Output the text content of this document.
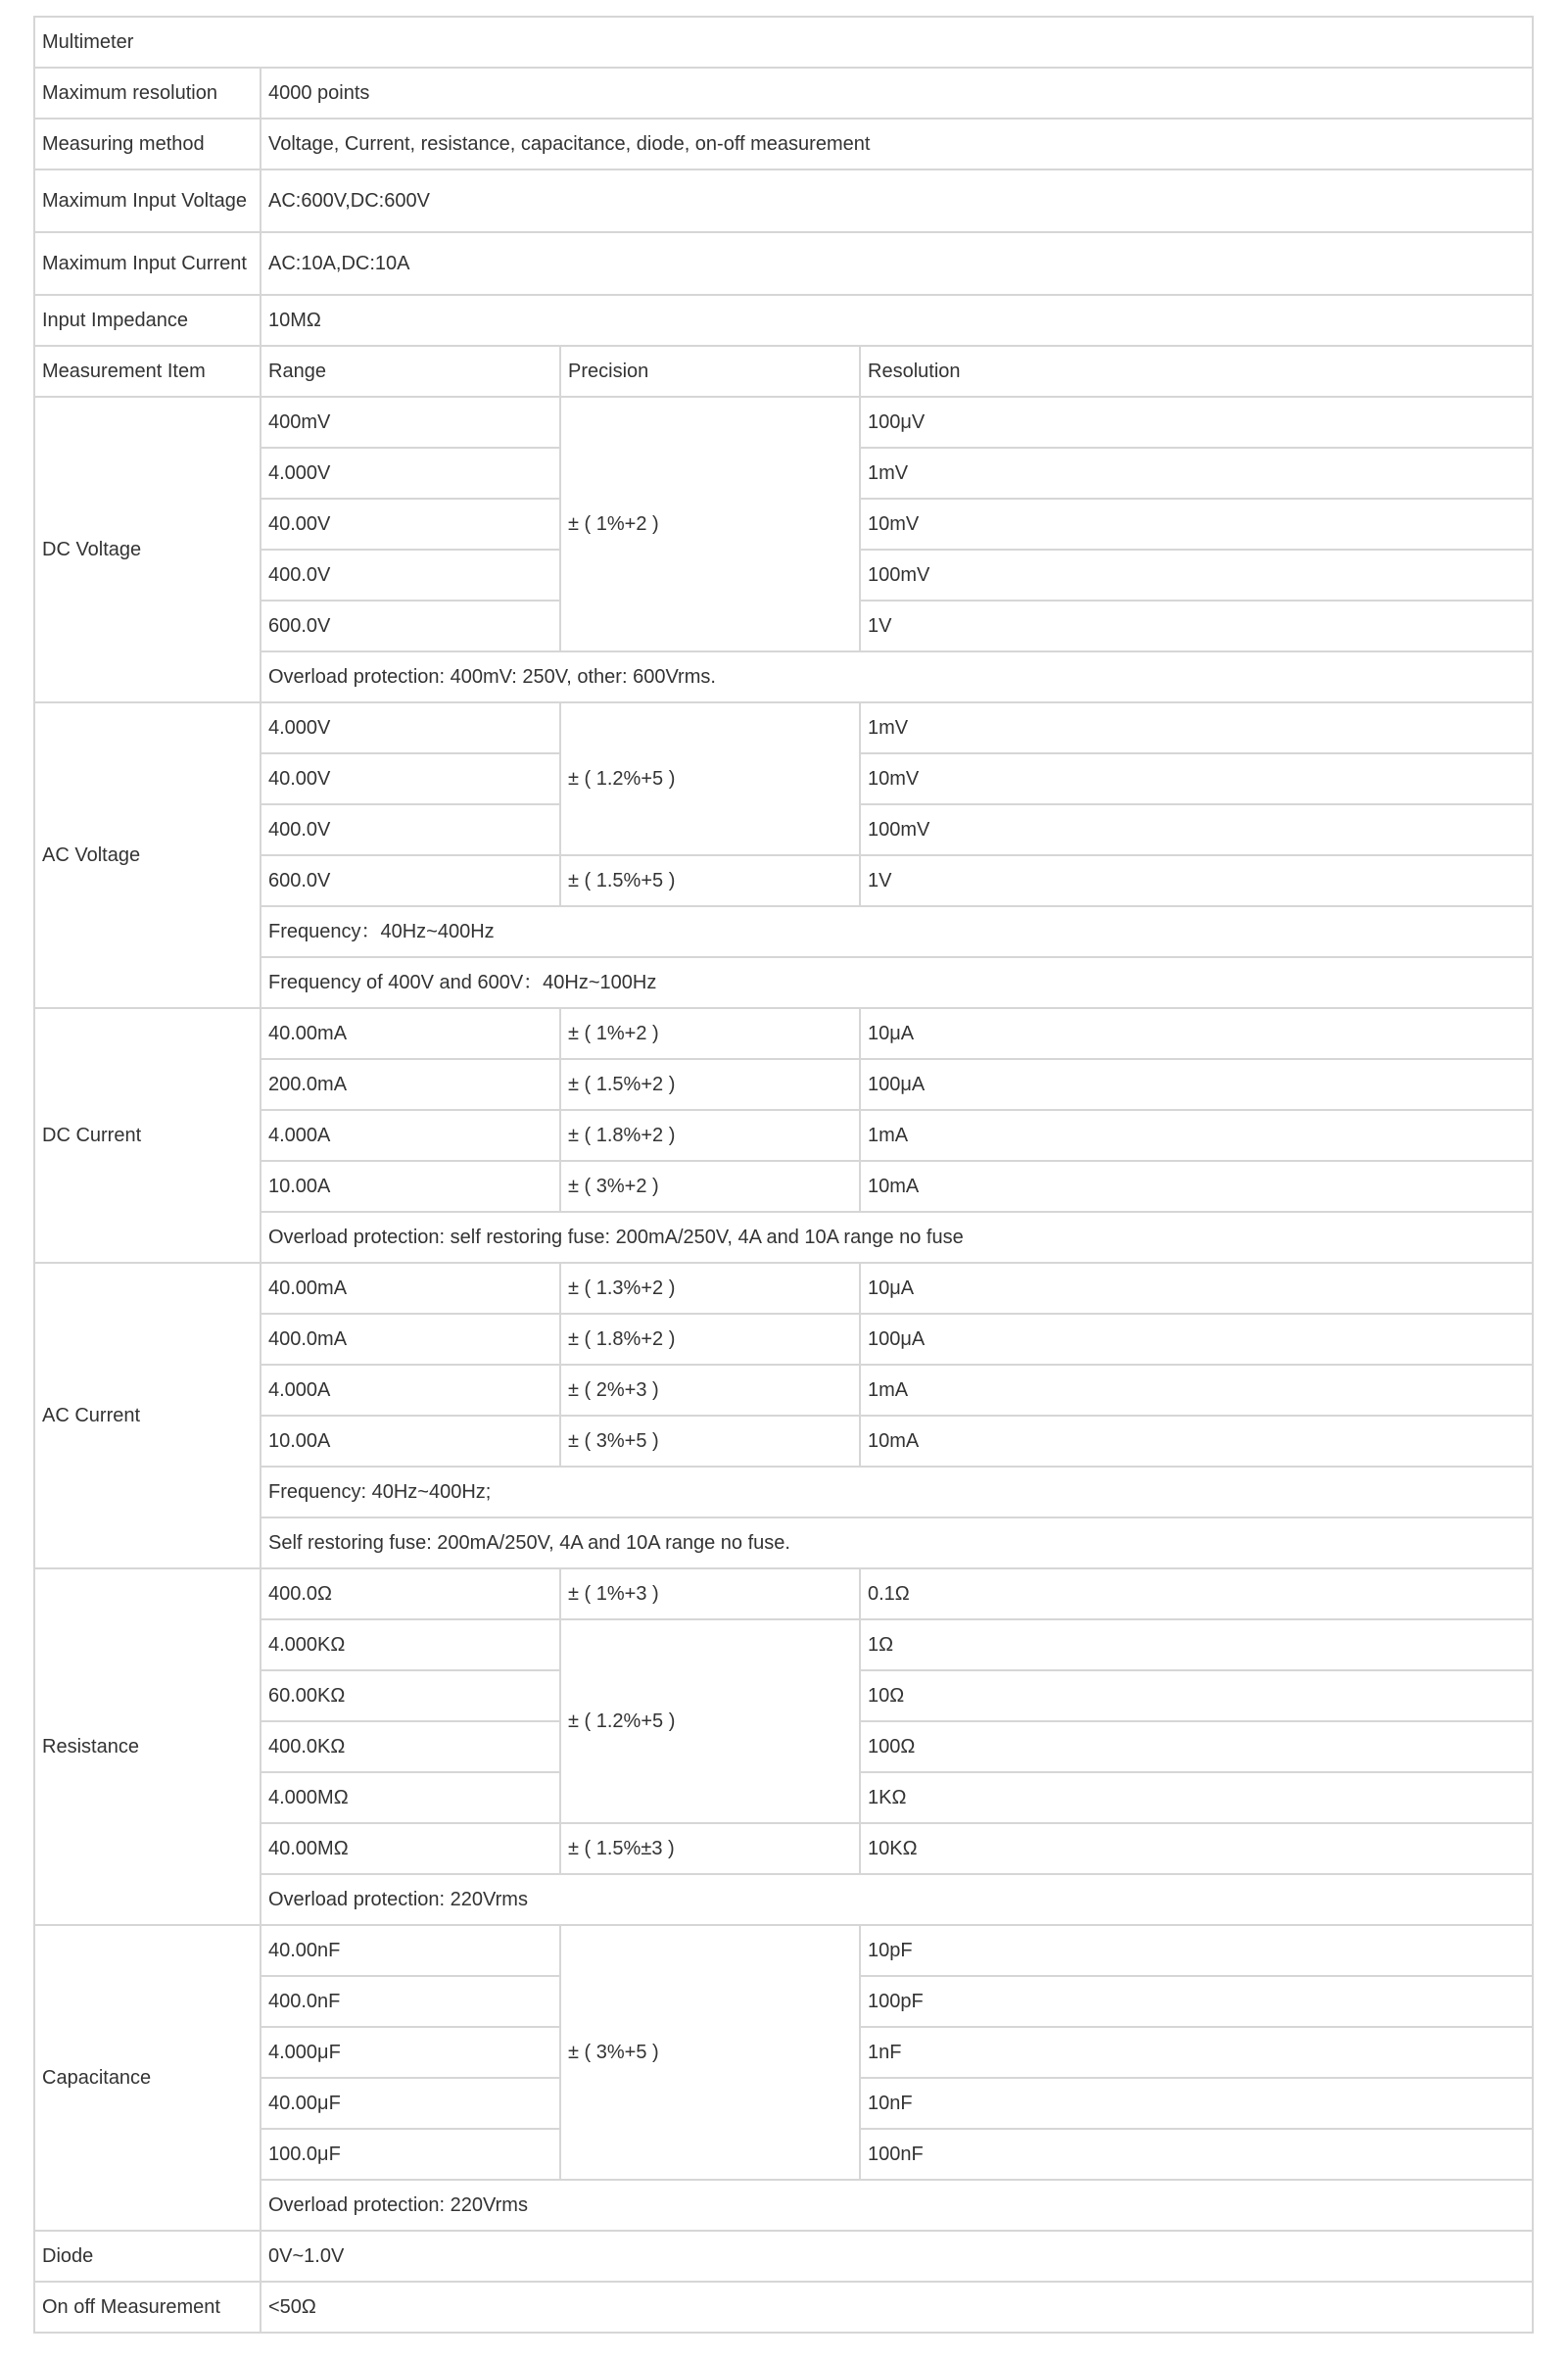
Multimeter			
Maximum resolution	4000 points		
Measuring method	Voltage, Current, resistance, capacitance, diode, on-off measurement		
Maximum Input Voltage	AC:600V,DC:600V		
Maximum Input Current	AC:10A,DC:10A		
Input Impedance	10MΩ		
Measurement Item	Range	Precision	Resolution
DC Voltage	400mV	± ( 1%+2 )	100μV
	4.000V		1mV
	40.00V		10mV
	400.0V		100mV
	600.0V		1V
	Overload protection: 400mV: 250V, other: 600Vrms.		
AC Voltage	4.000V	± ( 1.2%+5 )	1mV
	40.00V		10mV
	400.0V		100mV
	600.0V	± ( 1.5%+5 )	1V
	Frequency：40Hz~400Hz		
	Frequency of 400V and 600V：40Hz~100Hz		
DC Current	40.00mA	± ( 1%+2 )	10μA
	200.0mA	± ( 1.5%+2 )	100μA
	4.000A	± ( 1.8%+2 )	1mA
	10.00A	± ( 3%+2 )	10mA
	Overload protection: self restoring fuse: 200mA/250V, 4A and 10A range no fuse		
AC Current	40.00mA	± ( 1.3%+2 )	10μA
	400.0mA	± ( 1.8%+2 )	100μA
	4.000A	± ( 2%+3 )	1mA
	10.00A	± ( 3%+5 )	10mA
	Frequency: 40Hz~400Hz;		
	Self restoring fuse: 200mA/250V, 4A and 10A range no fuse.		
Resistance	400.0Ω	± ( 1%+3 )	0.1Ω
	4.000KΩ	± ( 1.2%+5 )	1Ω
	60.00KΩ		10Ω
	400.0KΩ		100Ω
	4.000MΩ		1KΩ
	40.00MΩ	± ( 1.5%±3 )	10KΩ
	Overload protection: 220Vrms		
Capacitance	40.00nF	± ( 3%+5 )	10pF
	400.0nF		100pF
	4.000μF		1nF
	40.00μF		10nF
	100.0μF		100nF
	Overload protection: 220Vrms		
Diode	0V~1.0V		
On off Measurement	<50Ω		
